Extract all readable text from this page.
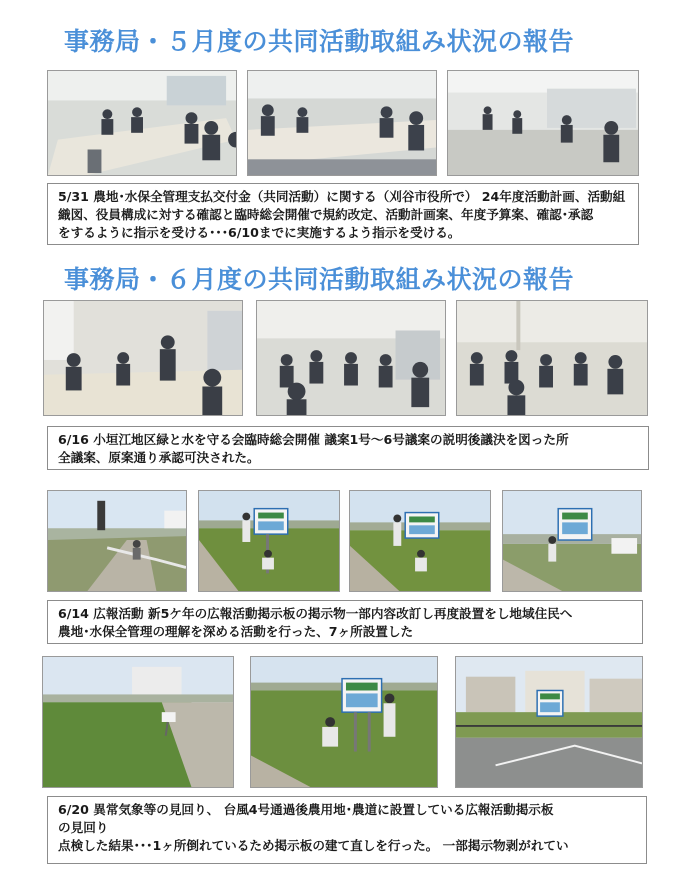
事務局・５月度の共同活動取組み状況の報告

5/31 農地･水保全管理支払交付金（共同活動）に関する（刈谷市役所で） 24年度活動計画、活動組

織図、役員構成に対する確認と臨時総会開催で規約改定、活動計画案、年度予算案、確認･承認

をするように指示を受ける･･･6/10までに実施するよう指示を受ける。

事務局・６月度の共同活動取組み状況の報告

6/16 小垣江地区緑と水を守る会臨時総会開催 議案1号～6号議案の説明後議決を図った所

全議案、原案通り承認可決された。

6/14 広報活動 新5ケ年の広報活動掲示板の掲示物一部内容改訂し再度設置をし地域住民へ

農地･水保全管理の理解を深める活動を行った、7ヶ所設置した

6/20 異常気象等の見回り、 台風4号通過後農用地･農道に設置している広報活動掲示板

の見回り

点検した結果･･･1ヶ所倒れているため掲示板の建て直しを行った。 一部掲示物剥がれてい
